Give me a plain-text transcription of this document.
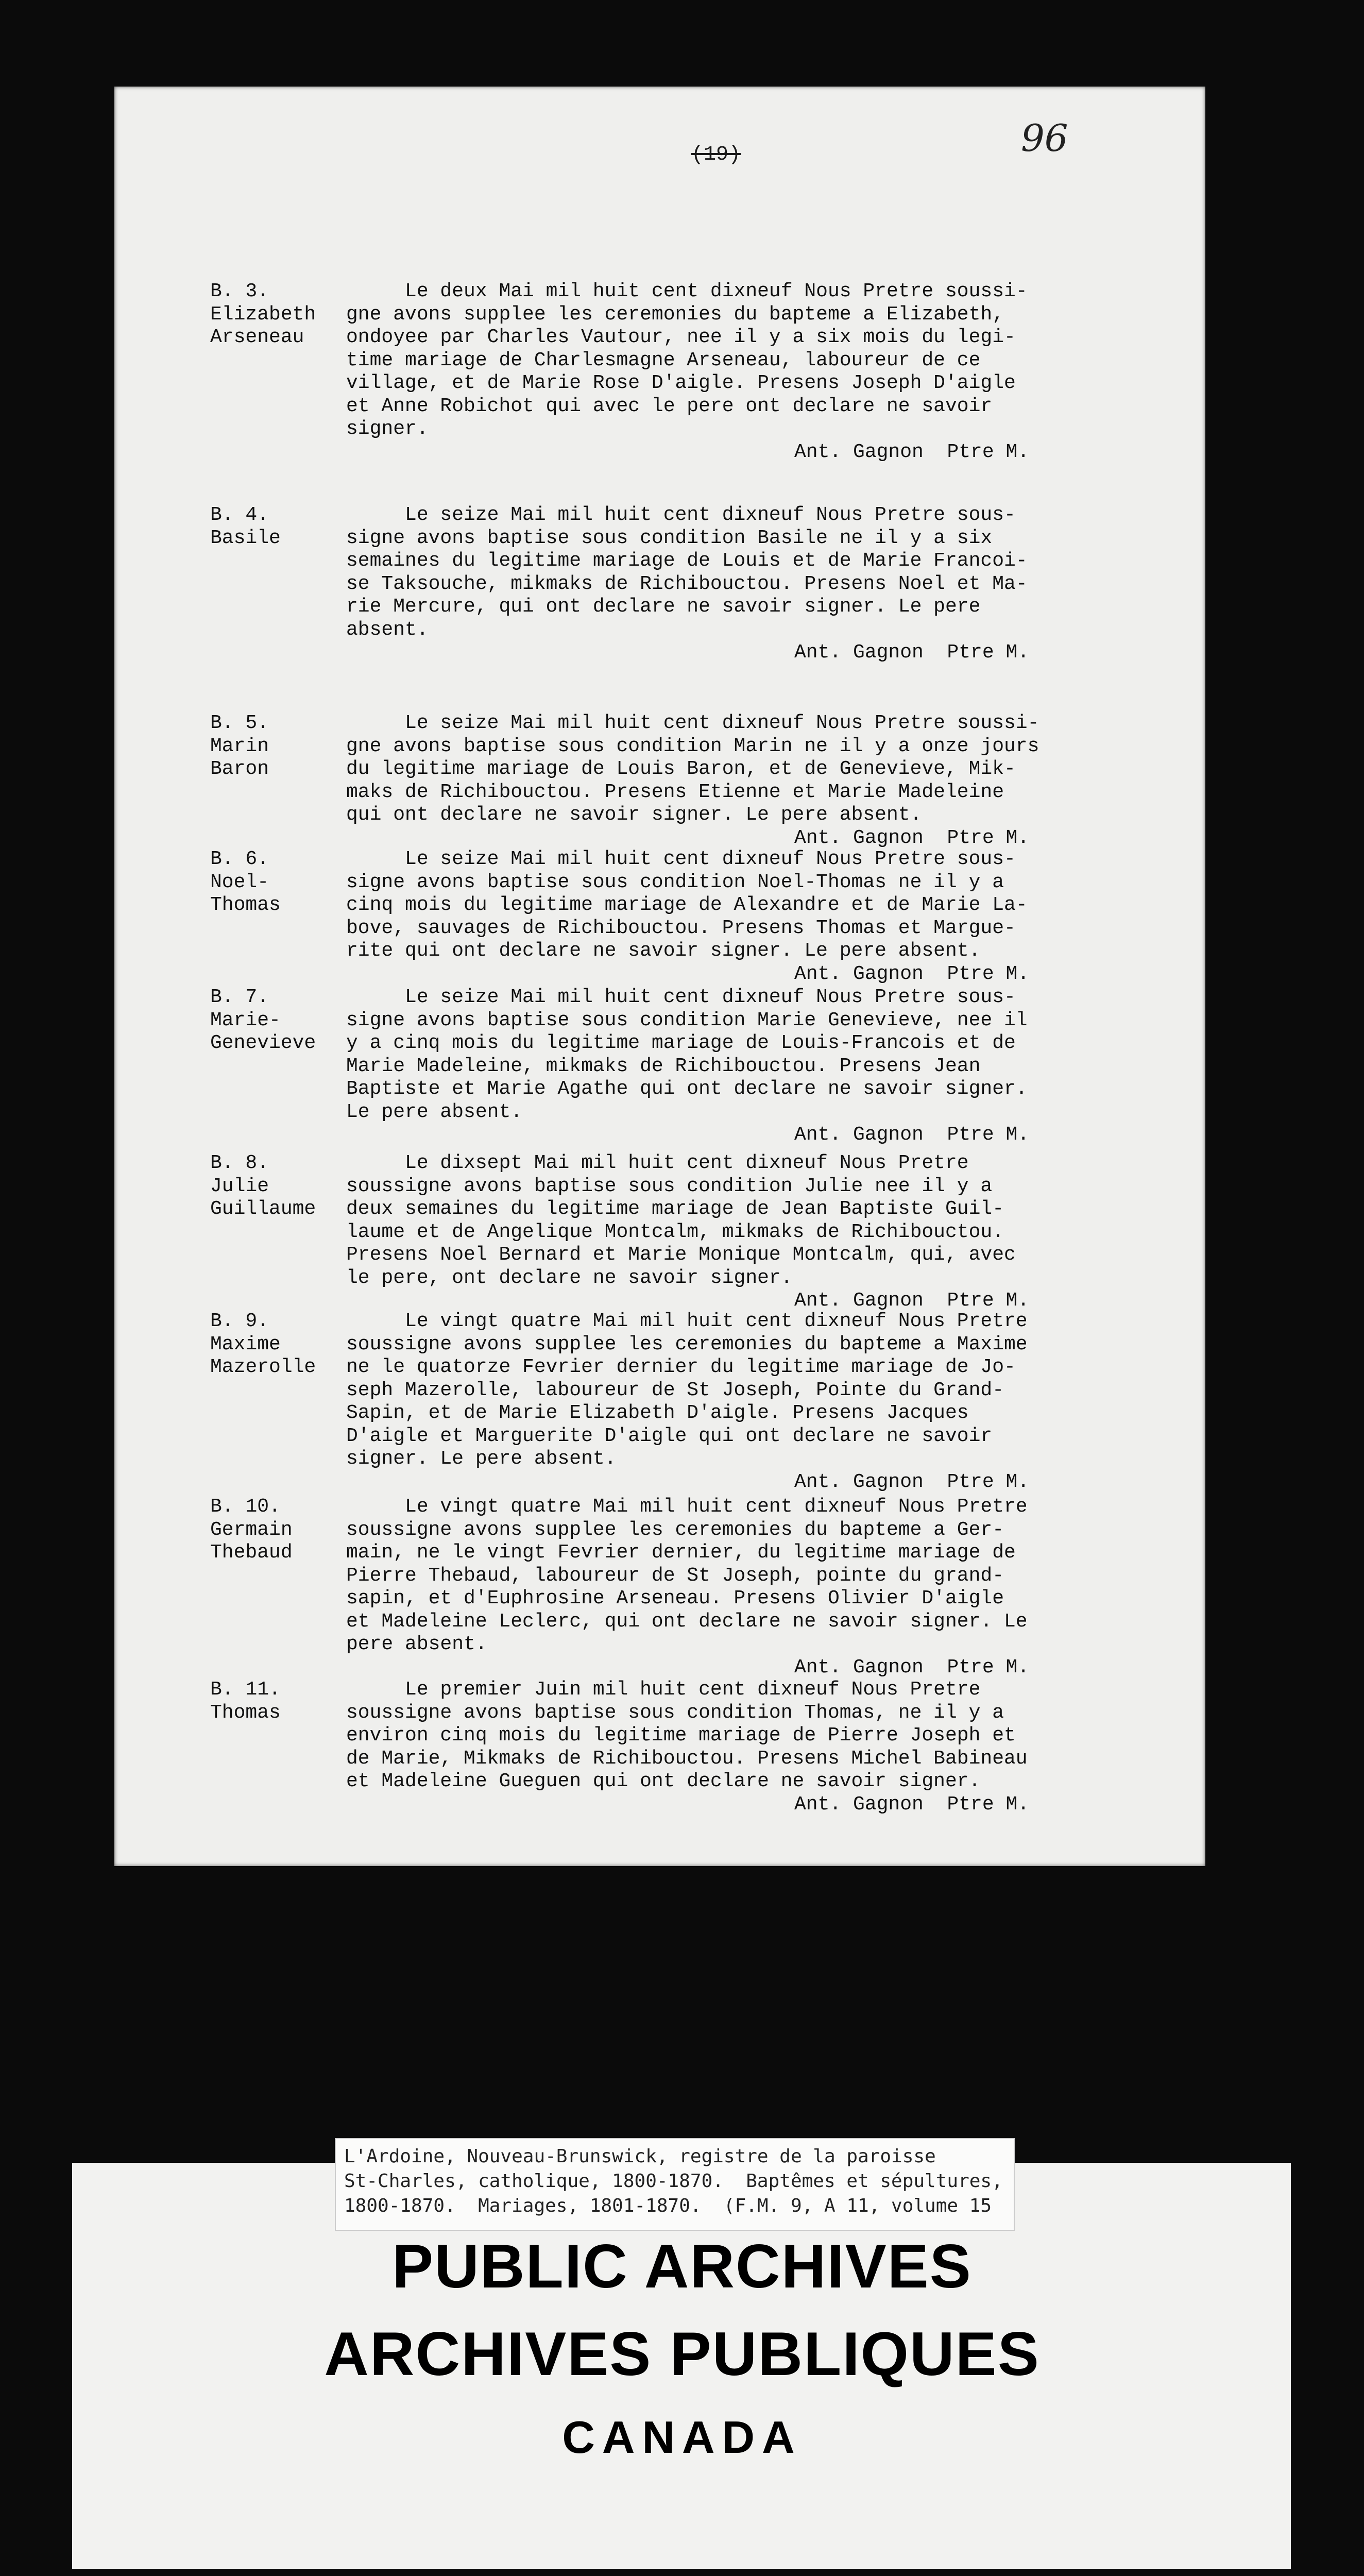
(19)	96
B. 3.
Elizabeth
Arseneau
Le deux Mai mil huit cent dixneuf Nous Pretre soussi-
gne avons supplee les ceremonies du bapteme a Elizabeth,
ondoyee par Charles Vautour, nee il y a six mois du legi-
time mariage de Charlesmagne Arseneau, laboureur de ce
village, et de Marie Rose D'aigle. Presens Joseph D'aigle
et Anne Robichot qui avec le pere ont declare ne savoir
signer.
Ant. Gagnon  Ptre M.
B. 4.
Basile
Le seize Mai mil huit cent dixneuf Nous Pretre sous-
signe avons baptise sous condition Basile ne il y a six
semaines du legitime mariage de Louis et de Marie Francoi-
se Taksouche, mikmaks de Richibouctou. Presens Noel et Ma-
rie Mercure, qui ont declare ne savoir signer. Le pere
absent.
Ant. Gagnon  Ptre M.
B. 5.
Marin
Baron
Le seize Mai mil huit cent dixneuf Nous Pretre soussi-
gne avons baptise sous condition Marin ne il y a onze jours
du legitime mariage de Louis Baron, et de Genevieve, Mik-
maks de Richibouctou. Presens Etienne et Marie Madeleine
qui ont declare ne savoir signer. Le pere absent.
Ant. Gagnon  Ptre M.
B. 6.
Noel-
Thomas
Le seize Mai mil huit cent dixneuf Nous Pretre sous-
signe avons baptise sous condition Noel-Thomas ne il y a
cinq mois du legitime mariage de Alexandre et de Marie La-
bove, sauvages de Richibouctou. Presens Thomas et Margue-
rite qui ont declare ne savoir signer. Le pere absent.
Ant. Gagnon  Ptre M.
B. 7.
Marie-
Genevieve
Le seize Mai mil huit cent dixneuf Nous Pretre sous-
signe avons baptise sous condition Marie Genevieve, nee il
y a cinq mois du legitime mariage de Louis-Francois et de
Marie Madeleine, mikmaks de Richibouctou. Presens Jean
Baptiste et Marie Agathe qui ont declare ne savoir signer.
Le pere absent.
Ant. Gagnon  Ptre M.
B. 8.
Julie
Guillaume
Le dixsept Mai mil huit cent dixneuf Nous Pretre
soussigne avons baptise sous condition Julie nee il y a
deux semaines du legitime mariage de Jean Baptiste Guil-
laume et de Angelique Montcalm, mikmaks de Richibouctou.
Presens Noel Bernard et Marie Monique Montcalm, qui, avec
le pere, ont declare ne savoir signer.
Ant. Gagnon  Ptre M.
B. 9.
Maxime
Mazerolle
Le vingt quatre Mai mil huit cent dixneuf Nous Pretre
soussigne avons supplee les ceremonies du bapteme a Maxime
ne le quatorze Fevrier dernier du legitime mariage de Jo-
seph Mazerolle, laboureur de St Joseph, Pointe du Grand-
Sapin, et de Marie Elizabeth D'aigle. Presens Jacques
D'aigle et Marguerite D'aigle qui ont declare ne savoir
signer. Le pere absent.
Ant. Gagnon  Ptre M.
B. 10.
Germain
Thebaud
Le vingt quatre Mai mil huit cent dixneuf Nous Pretre
soussigne avons supplee les ceremonies du bapteme a Ger-
main, ne le vingt Fevrier dernier, du legitime mariage de
Pierre Thebaud, laboureur de St Joseph, pointe du grand-
sapin, et d'Euphrosine Arseneau. Presens Olivier D'aigle
et Madeleine Leclerc, qui ont declare ne savoir signer. Le
pere absent.
Ant. Gagnon  Ptre M.
B. 11.
Thomas
Le premier Juin mil huit cent dixneuf Nous Pretre
soussigne avons baptise sous condition Thomas, ne il y a
environ cinq mois du legitime mariage de Pierre Joseph et
de Marie, Mikmaks de Richibouctou. Presens Michel Babineau
et Madeleine Gueguen qui ont declare ne savoir signer.
Ant. Gagnon  Ptre M.
L'Ardoine, Nouveau-Brunswick, registre de la paroisse
St-Charles, catholique, 1800-1870.  Baptêmes et sépultures,
1800-1870.  Mariages, 1801-1870.  (F.M. 9, A 11, volume 15
PUBLIC ARCHIVES
ARCHIVES PUBLIQUES
CANADA
